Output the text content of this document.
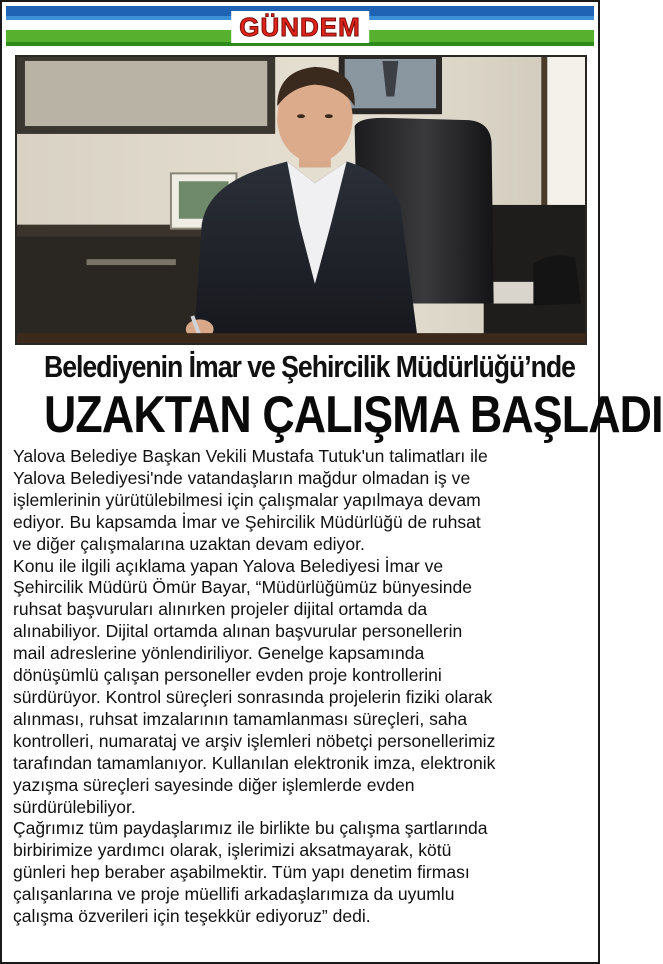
GÜNDEM
Belediyenin İmar ve Şehircilik Müdürlüğü’nde
UZAKTAN ÇALIŞMA BAŞLADI
Yalova Belediye Başkan Vekili Mustafa Tutuk'un talimatları ile
Yalova Belediyesi'nde vatandaşların mağdur olmadan iş ve
işlemlerinin yürütülebilmesi için çalışmalar yapılmaya devam
ediyor. Bu kapsamda İmar ve Şehircilik Müdürlüğü de ruhsat
ve diğer çalışmalarına uzaktan devam ediyor.
Konu ile ilgili açıklama yapan Yalova Belediyesi İmar ve
Şehircilik Müdürü Ömür Bayar, “Müdürlüğümüz bünyesinde
ruhsat başvuruları alınırken projeler dijital ortamda da
alınabiliyor. Dijital ortamda alınan başvurular personellerin
mail adreslerine yönlendiriliyor. Genelge kapsamında
dönüşümlü çalışan personeller evden proje kontrollerini
sürdürüyor. Kontrol süreçleri sonrasında projelerin fiziki olarak
alınması, ruhsat imzalarının tamamlanması süreçleri, saha
kontrolleri, numarataj ve arşiv işlemleri nöbetçi personellerimiz
tarafından tamamlanıyor. Kullanılan elektronik imza, elektronik
yazışma süreçleri sayesinde diğer işlemlerde evden
sürdürülebiliyor.
Çağrımız tüm paydaşlarımız ile birlikte bu çalışma şartlarında
birbirimize yardımcı olarak, işlerimizi aksatmayarak, kötü
günleri hep beraber aşabilmektir. Tüm yapı denetim firması
çalışanlarına ve proje müellifi arkadaşlarımıza da uyumlu
çalışma özverileri için teşekkür ediyoruz” dedi.
